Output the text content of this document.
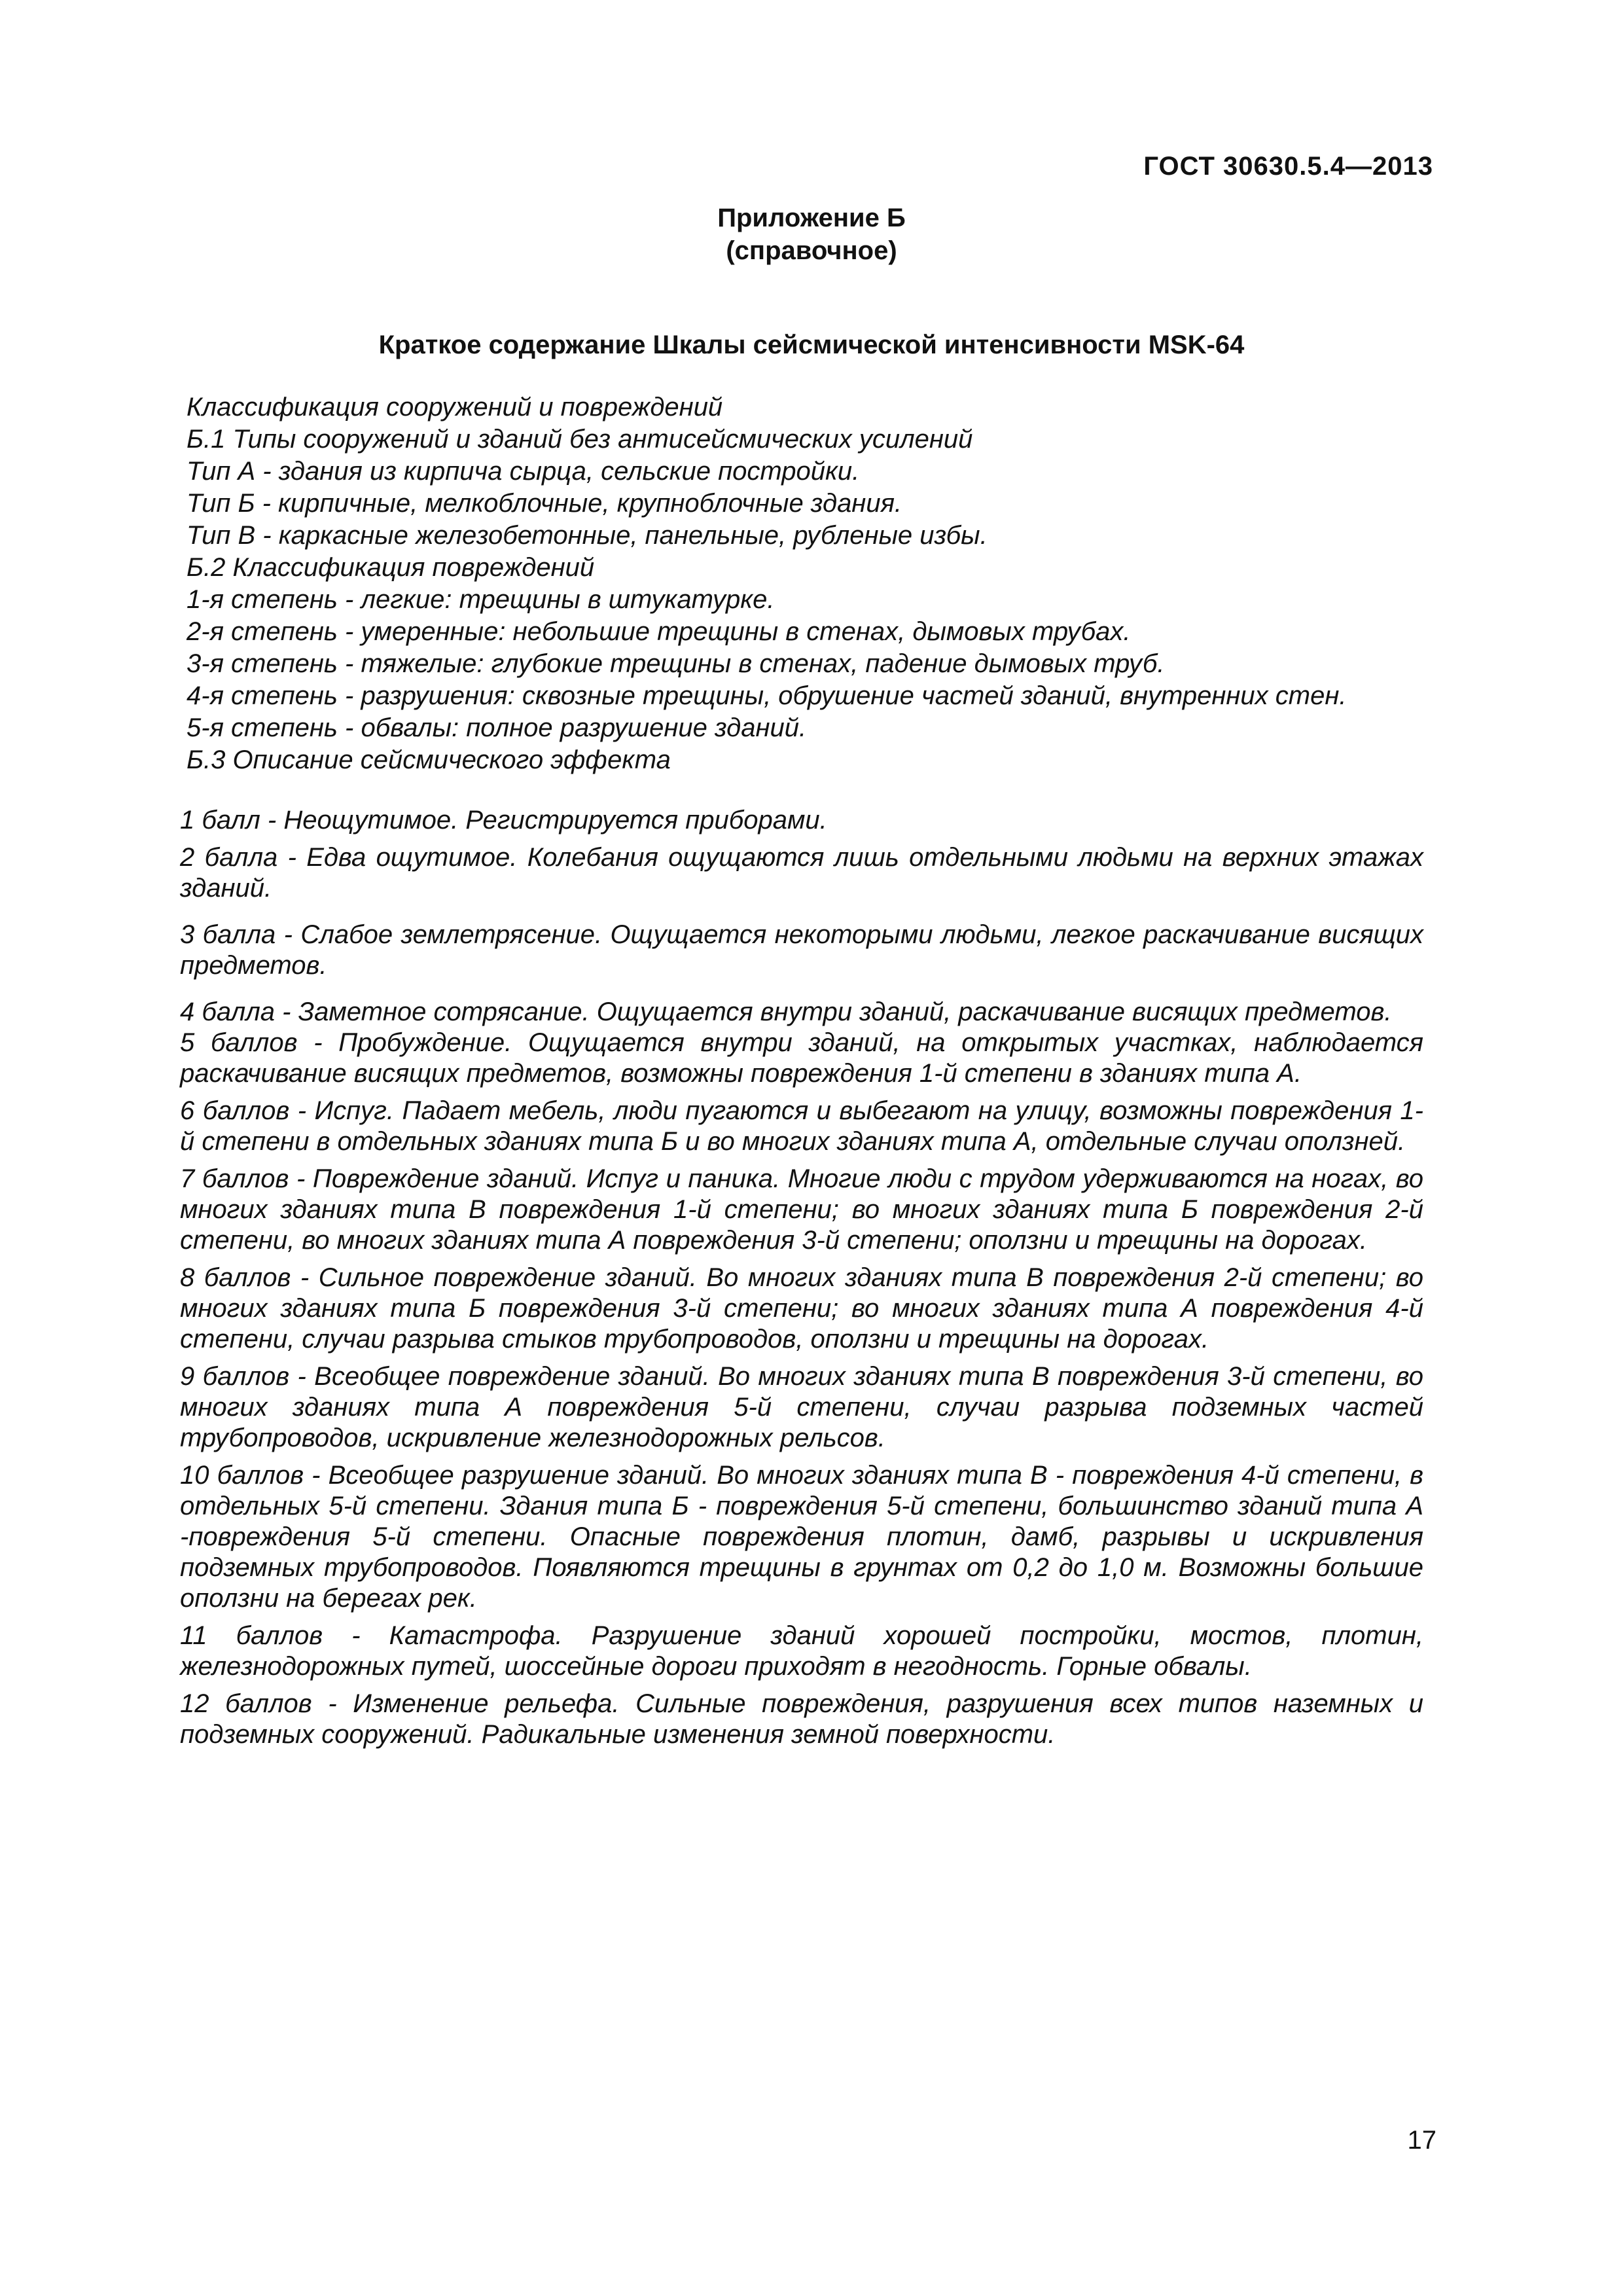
ГОСТ 30630.5.4—2013
Приложение Б
(справочное)
Краткое содержание Шкалы сейсмической интенсивности MSK-64
Классификация сооружений и повреждений
Б.1 Типы сооружений и зданий без антисейсмических усилений
Тип А - здания из кирпича сырца, сельские постройки.
Тип Б - кирпичные, мелкоблочные, крупноблочные здания.
Тип В - каркасные железобетонные, панельные, рубленые избы.
Б.2 Классификация повреждений
1-я степень - легкие: трещины в штукатурке.
2-я степень - умеренные: небольшие трещины в стенах, дымовых трубах.
3-я степень - тяжелые: глубокие трещины в стенах, падение дымовых труб.
4-я степень - разрушения: сквозные трещины, обрушение частей зданий, внутренних стен.
5-я степень - обвалы: полное разрушение зданий.
Б.3 Описание сейсмического эффекта

1 балл - Неощутимое. Регистрируется приборами.

2 балла - Едва ощутимое. Колебания ощущаются лишь отдельными людьми на верхних этажах зданий.

3 балла - Слабое землетрясение. Ощущается некоторыми людьми, легкое раскачивание висящих предметов.

4 балла - Заметное сотрясание. Ощущается внутри зданий, раскачивание висящих предметов.

5 баллов - Пробуждение. Ощущается внутри зданий, на открытых участках, наблюдается раскачивание висящих предметов, возможны повреждения 1-й степени в зданиях типа А.

6 баллов - Испуг. Падает мебель, люди пугаются и выбегают на улицу, возможны повреждения 1-й степени в отдельных зданиях типа Б и во многих зданиях типа А, отдельные случаи оползней.

7 баллов - Повреждение зданий. Испуг и паника. Многие люди с трудом удерживаются на ногах, во многих зданиях типа В повреждения 1-й степени; во многих зданиях типа Б повреждения 2-й степени, во многих зданиях типа А повреждения 3-й степени; оползни и трещины на дорогах.

8 баллов - Сильное повреждение зданий. Во многих зданиях типа В повреждения 2-й степени; во многих зданиях типа Б повреждения 3-й степени; во многих зданиях типа А повреждения 4-й степени, случаи разрыва стыков трубопроводов, оползни и трещины на дорогах.

9 баллов - Всеобщее повреждение зданий. Во многих зданиях типа В повреждения 3-й степени, во многих зданиях типа А повреждения 5-й степени, случаи разрыва подземных частей трубопроводов, искривление железнодорожных рельсов.

10 баллов - Всеобщее разрушение зданий. Во многих зданиях типа В - повреждения 4-й степени, в отдельных 5-й степени. Здания типа Б - повреждения 5-й степени, большинство зданий типа А -повреждения 5-й степени. Опасные повреждения плотин, дамб, разрывы и искривления подземных трубопроводов. Появляются трещины в грунтах от 0,2 до 1,0 м. Возможны большие оползни на берегах рек.

11 баллов - Катастрофа. Разрушение зданий хорошей постройки, мостов, плотин, железнодорожных путей, шоссейные дороги приходят в негодность. Горные обвалы.

12 баллов - Изменение рельефа. Сильные повреждения, разрушения всех типов наземных и подземных сооружений. Радикальные изменения земной поверхности.

17
